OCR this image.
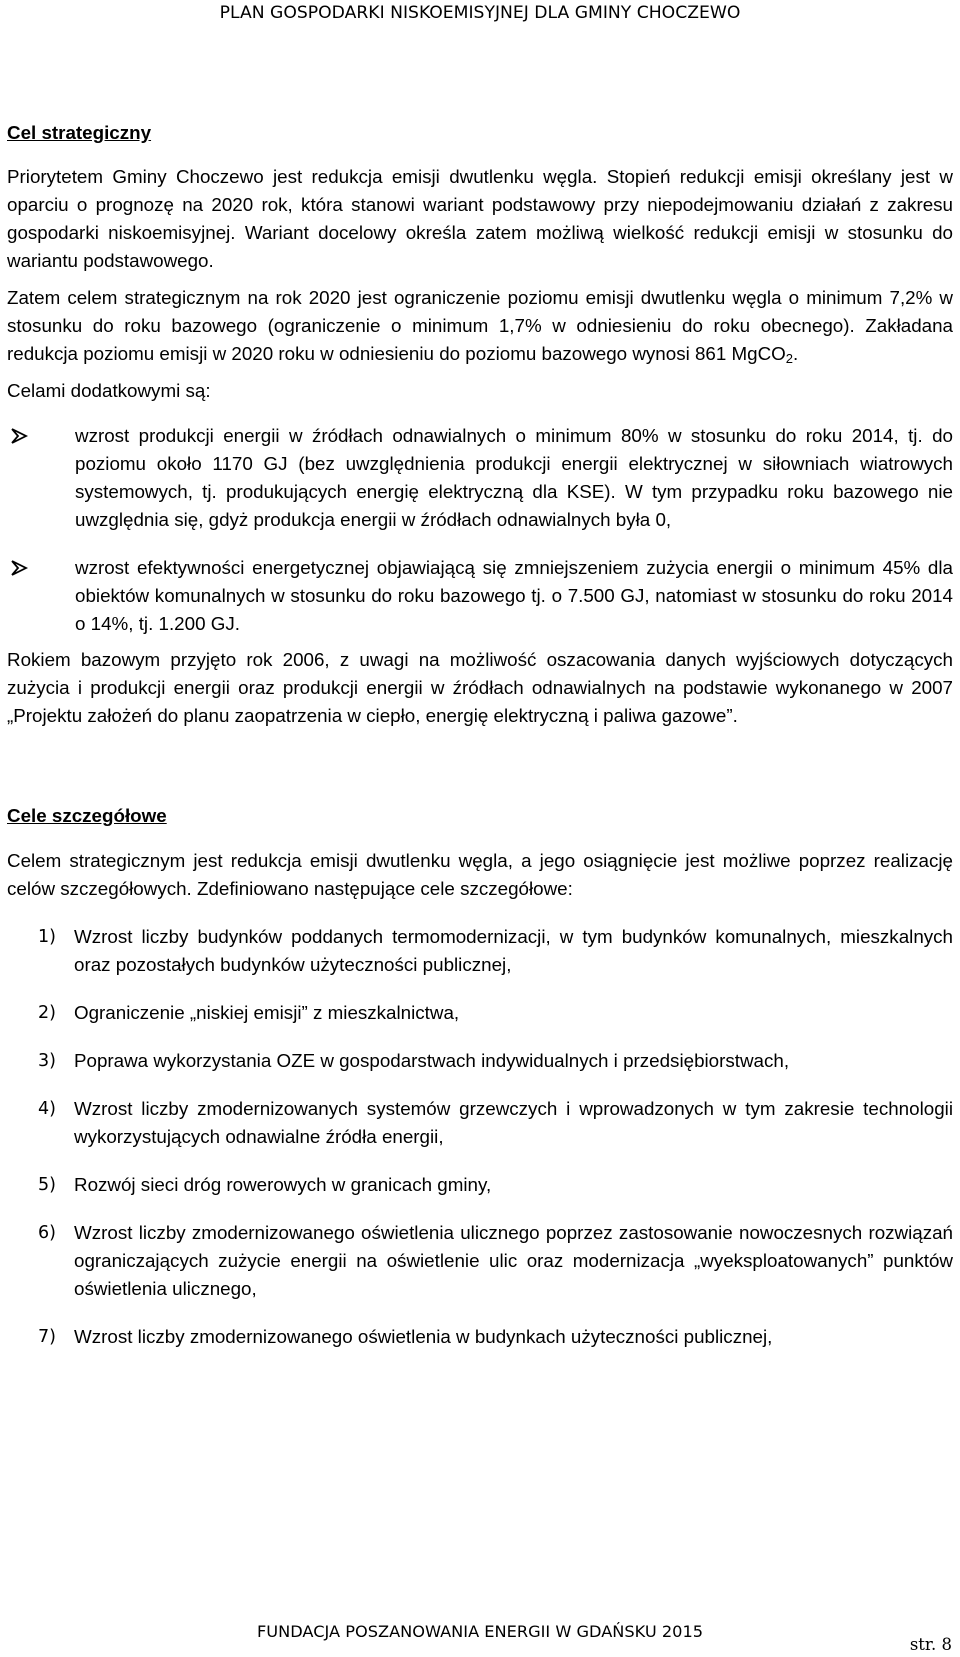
PLAN GOSPODARKI NISKOEMISYJNEJ DLA GMINY CHOCZEWO

Cel strategiczny

Priorytetem Gminy Choczewo jest redukcja emisji dwutlenku węgla. Stopień redukcji emisji określany jest w oparciu o prognozę na 2020 rok, która stanowi wariant podstawowy przy niepodejmowaniu działań z zakresu gospodarki niskoemisyjnej. Wariant docelowy określa zatem możliwą wielkość redukcji emisji w stosunku do wariantu podstawowego.

Zatem celem strategicznym na rok 2020 jest ograniczenie poziomu emisji dwutlenku węgla o minimum 7,2% w stosunku do roku bazowego (ograniczenie o minimum 1,7% w odniesieniu do roku obecnego). Zakładana redukcja poziomu emisji w 2020 roku w odniesieniu do poziomu bazowego wynosi 861 MgCO$_2$.

Celami dodatkowymi są:

wzrost produkcji energii w źródłach odnawialnych o minimum 80% w stosunku do roku 2014, tj. do poziomu około 1170 GJ (bez uwzględnienia produkcji energii elektrycznej w siłowniach wiatrowych systemowych, tj. produkujących energię elektryczną dla KSE). W tym przypadku roku bazowego nie uwzględnia się, gdyż produkcja energii w źródłach odnawialnych była 0,
wzrost efektywności energetycznej objawiającą się zmniejszeniem zużycia energii o minimum 45% dla obiektów komunalnych w stosunku do roku bazowego tj. o 7.500 GJ, natomiast w stosunku do roku 2014 o 14%, tj. 1.200 GJ.

Rokiem bazowym przyjęto rok 2006, z uwagi na możliwość oszacowania danych wyjściowych dotyczących zużycia i produkcji energii oraz produkcji energii w źródłach odnawialnych na podstawie wykonanego w 2007 „Projektu założeń do planu zaopatrzenia w ciepło, energię elektryczną i paliwa gazowe”.

Cele szczegółowe

Celem strategicznym jest redukcja emisji dwutlenku węgla, a jego osiągnięcie jest możliwe poprzez realizację celów szczegółowych. Zdefiniowano następujące cele szczegółowe:

1) Wzrost liczby budynków poddanych termomodernizacji, w tym budynków komunalnych, mieszkalnych oraz pozostałych budynków użyteczności publicznej,
2) Ograniczenie „niskiej emisji” z mieszkalnictwa,
3) Poprawa wykorzystania OZE w gospodarstwach indywidualnych i przedsiębiorstwach,
4) Wzrost liczby zmodernizowanych systemów grzewczych i wprowadzonych w tym zakresie technologii wykorzystujących odnawialne źródła energii,
5) Rozwój sieci dróg rowerowych w granicach gminy,
6) Wzrost liczby zmodernizowanego oświetlenia ulicznego poprzez zastosowanie nowoczesnych rozwiązań ograniczających zużycie energii na oświetlenie ulic oraz modernizacja „wyeksploatowanych” punktów oświetlenia ulicznego,
7) Wzrost liczby zmodernizowanego oświetlenia w budynkach użyteczności publicznej,
FUNDACJA POSZANOWANIA ENERGII W GDAŃSKU 2015
str. 8
